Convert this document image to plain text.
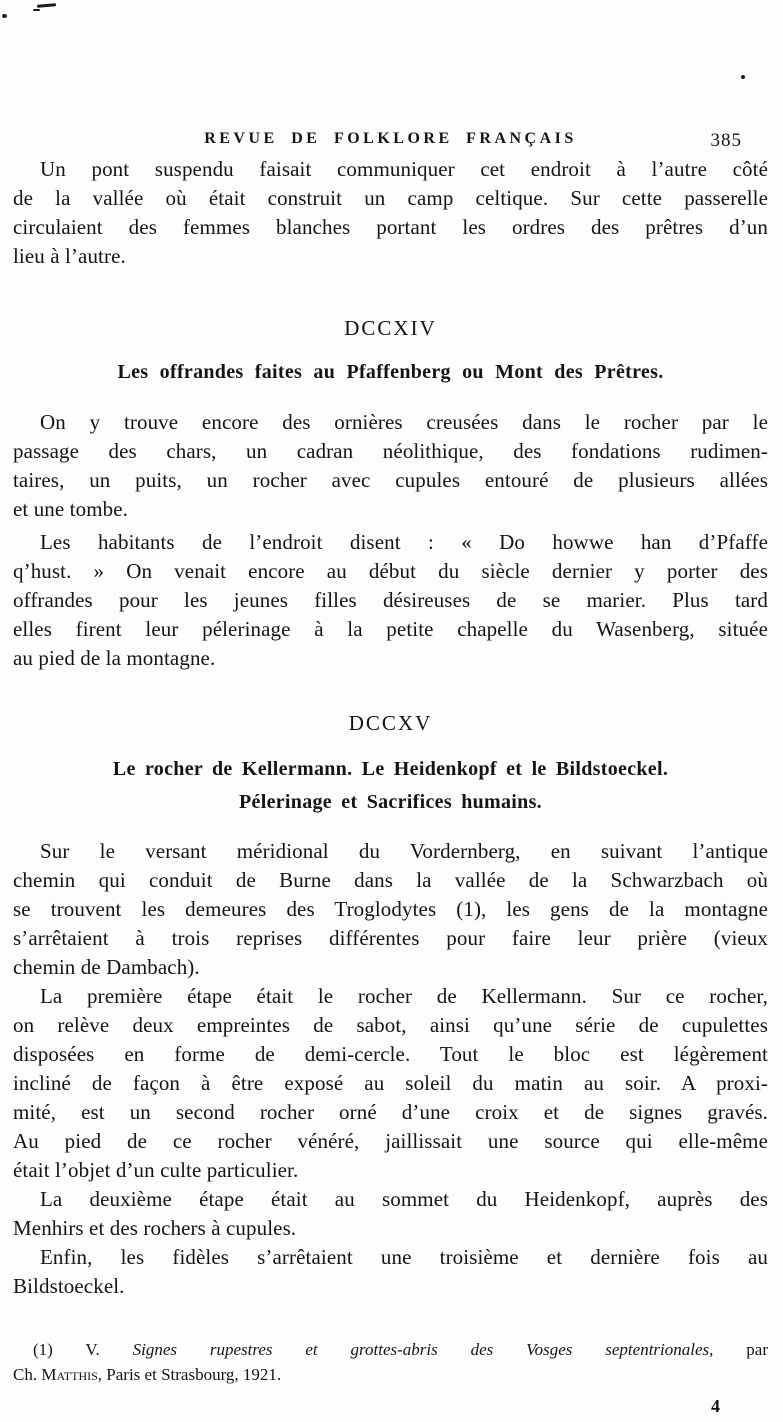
REVUE DE FOLKLORE FRANÇAIS	385
Un pont suspendu faisait communiquer cet endroit à l’autre côté
de la vallée où était construit un camp celtique. Sur cette passerelle
circulaient des femmes blanches portant les ordres des prêtres d’un
lieu à l’autre.
DCCXIV
Les offrandes faites au Pfaffenberg ou Mont des Prêtres.
On y trouve encore des ornières creusées dans le rocher par le
passage des chars, un cadran néolithique, des fondations rudimen-
taires, un puits, un rocher avec cupules entouré de plusieurs allées
et une tombe.
Les habitants de l’endroit disent : « Do howwe han d’Pfaffe
q’hust. » On venait encore au début du siècle dernier y porter des
offrandes pour les jeunes filles désireuses de se marier. Plus tard
elles firent leur pélerinage à la petite chapelle du Wasenberg, située
au pied de la montagne.
DCCXV
Le rocher de Kellermann. Le Heidenkopf et le Bildstoeckel.
Pélerinage et Sacrifices humains.
Sur le versant méridional du Vordernberg, en suivant l’antique
chemin qui conduit de Burne dans la vallée de la Schwarzbach où
se trouvent les demeures des Troglodytes (1), les gens de la montagne
s’arrêtaient à trois reprises différentes pour faire leur prière (vieux
chemin de Dambach).
La première étape était le rocher de Kellermann. Sur ce rocher,
on relève deux empreintes de sabot, ainsi qu’une série de cupulettes
disposées en forme de demi-cercle. Tout le bloc est légèrement
incliné de façon à être exposé au soleil du matin au soir. A proxi-
mité, est un second rocher orné d’une croix et de signes gravés.
Au pied de ce rocher vénéré, jaillissait une source qui elle-même
était l’objet d’un culte particulier.
La deuxième étape était au sommet du Heidenkopf, auprès des
Menhirs et des rochers à cupules.
Enfin, les fidèles s’arrêtaient une troisième et dernière fois au
Bildstoeckel.
(1) V. Signes rupestres et grottes-abris des Vosges septentrionales, par
Ch. Matthis, Paris et Strasbourg, 1921.
4
